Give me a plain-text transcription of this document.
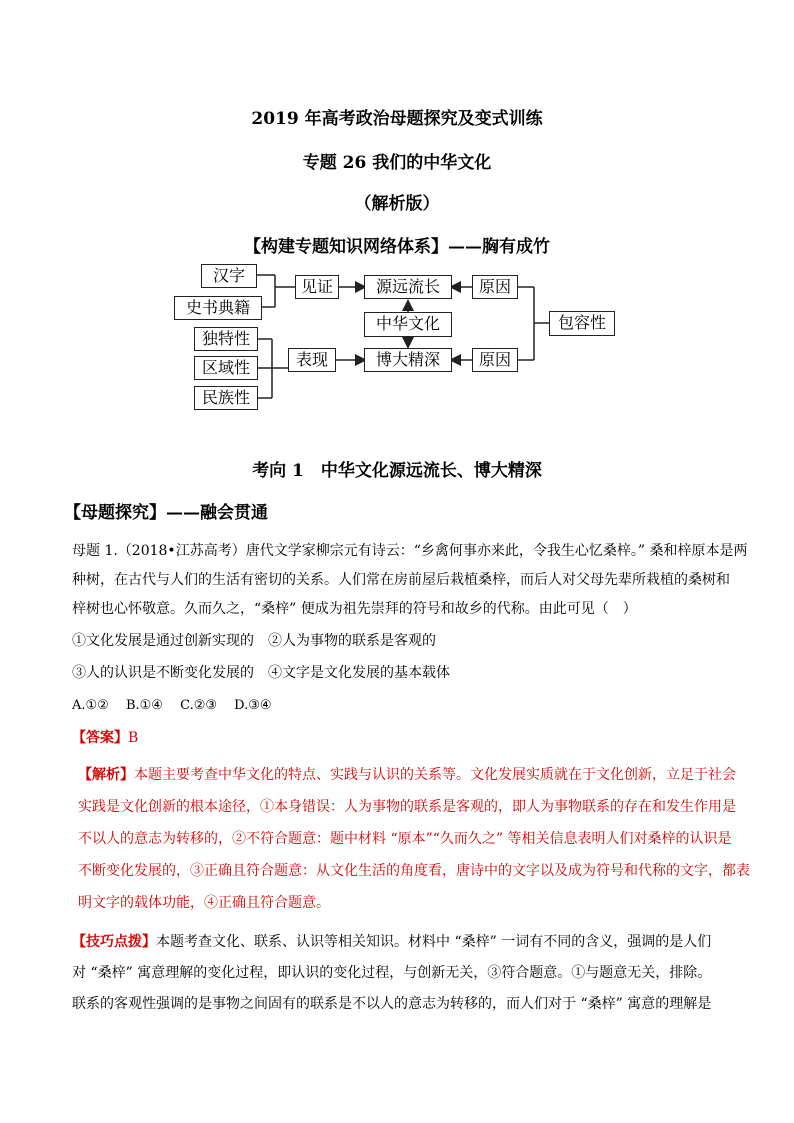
2019 年高考政治母题探究及变式训练
专题 26 我们的中华文化
（解析版）
【构建专题知识网络体系】——胸有成竹
汉字
史书典籍
见证	源远流长	原因
中华文化	包容性
独特性
区域性
民族性
表现	博大精深	原因
考向 1　中华文化源远流长、博大精深
【母题探究】——融会贯通
母题 1.（2018•江苏高考）唐代文学家柳宗元有诗云：“乡禽何事亦来此，令我生心忆桑梓。” 桑和梓原本是两
种树，在古代与人们的生活有密切的关系。人们常在房前屋后栽植桑梓，而后人对父母先辈所栽植的桑树和
梓树也心怀敬意。久而久之，“桑梓” 便成为祖先崇拜的符号和故乡的代称。由此可见（　）
①文化发展是通过创新实现的　②人为事物的联系是客观的
③人的认识是不断变化发展的　④文字是文化发展的基本载体
A.①②　 B.①④　 C.②③　 D.③④
【答案】B
【解析】本题主要考查中华文化的特点、实践与认识的关系等。文化发展实质就在于文化创新，立足于社会
实践是文化创新的根本途径，①本身错误：人为事物的联系是客观的，即人为事物联系的存在和发生作用是
不以人的意志为转移的，②不符合题意：题中材料 “原本”“久而久之” 等相关信息表明人们对桑梓的认识是
不断变化发展的，③正确且符合题意：从文化生活的角度看，唐诗中的文字以及成为符号和代称的文字，都表
明文字的载体功能，④正确且符合题意。
【技巧点拨】本题考查文化、联系、认识等相关知识。材料中 “桑梓” 一词有不同的含义，强调的是人们
对 “桑梓” 寓意理解的变化过程，即认识的变化过程，与创新无关，③符合题意。①与题意无关，排除。
联系的客观性强调的是事物之间固有的联系是不以人的意志为转移的，而人们对于 “桑梓” 寓意的理解是
